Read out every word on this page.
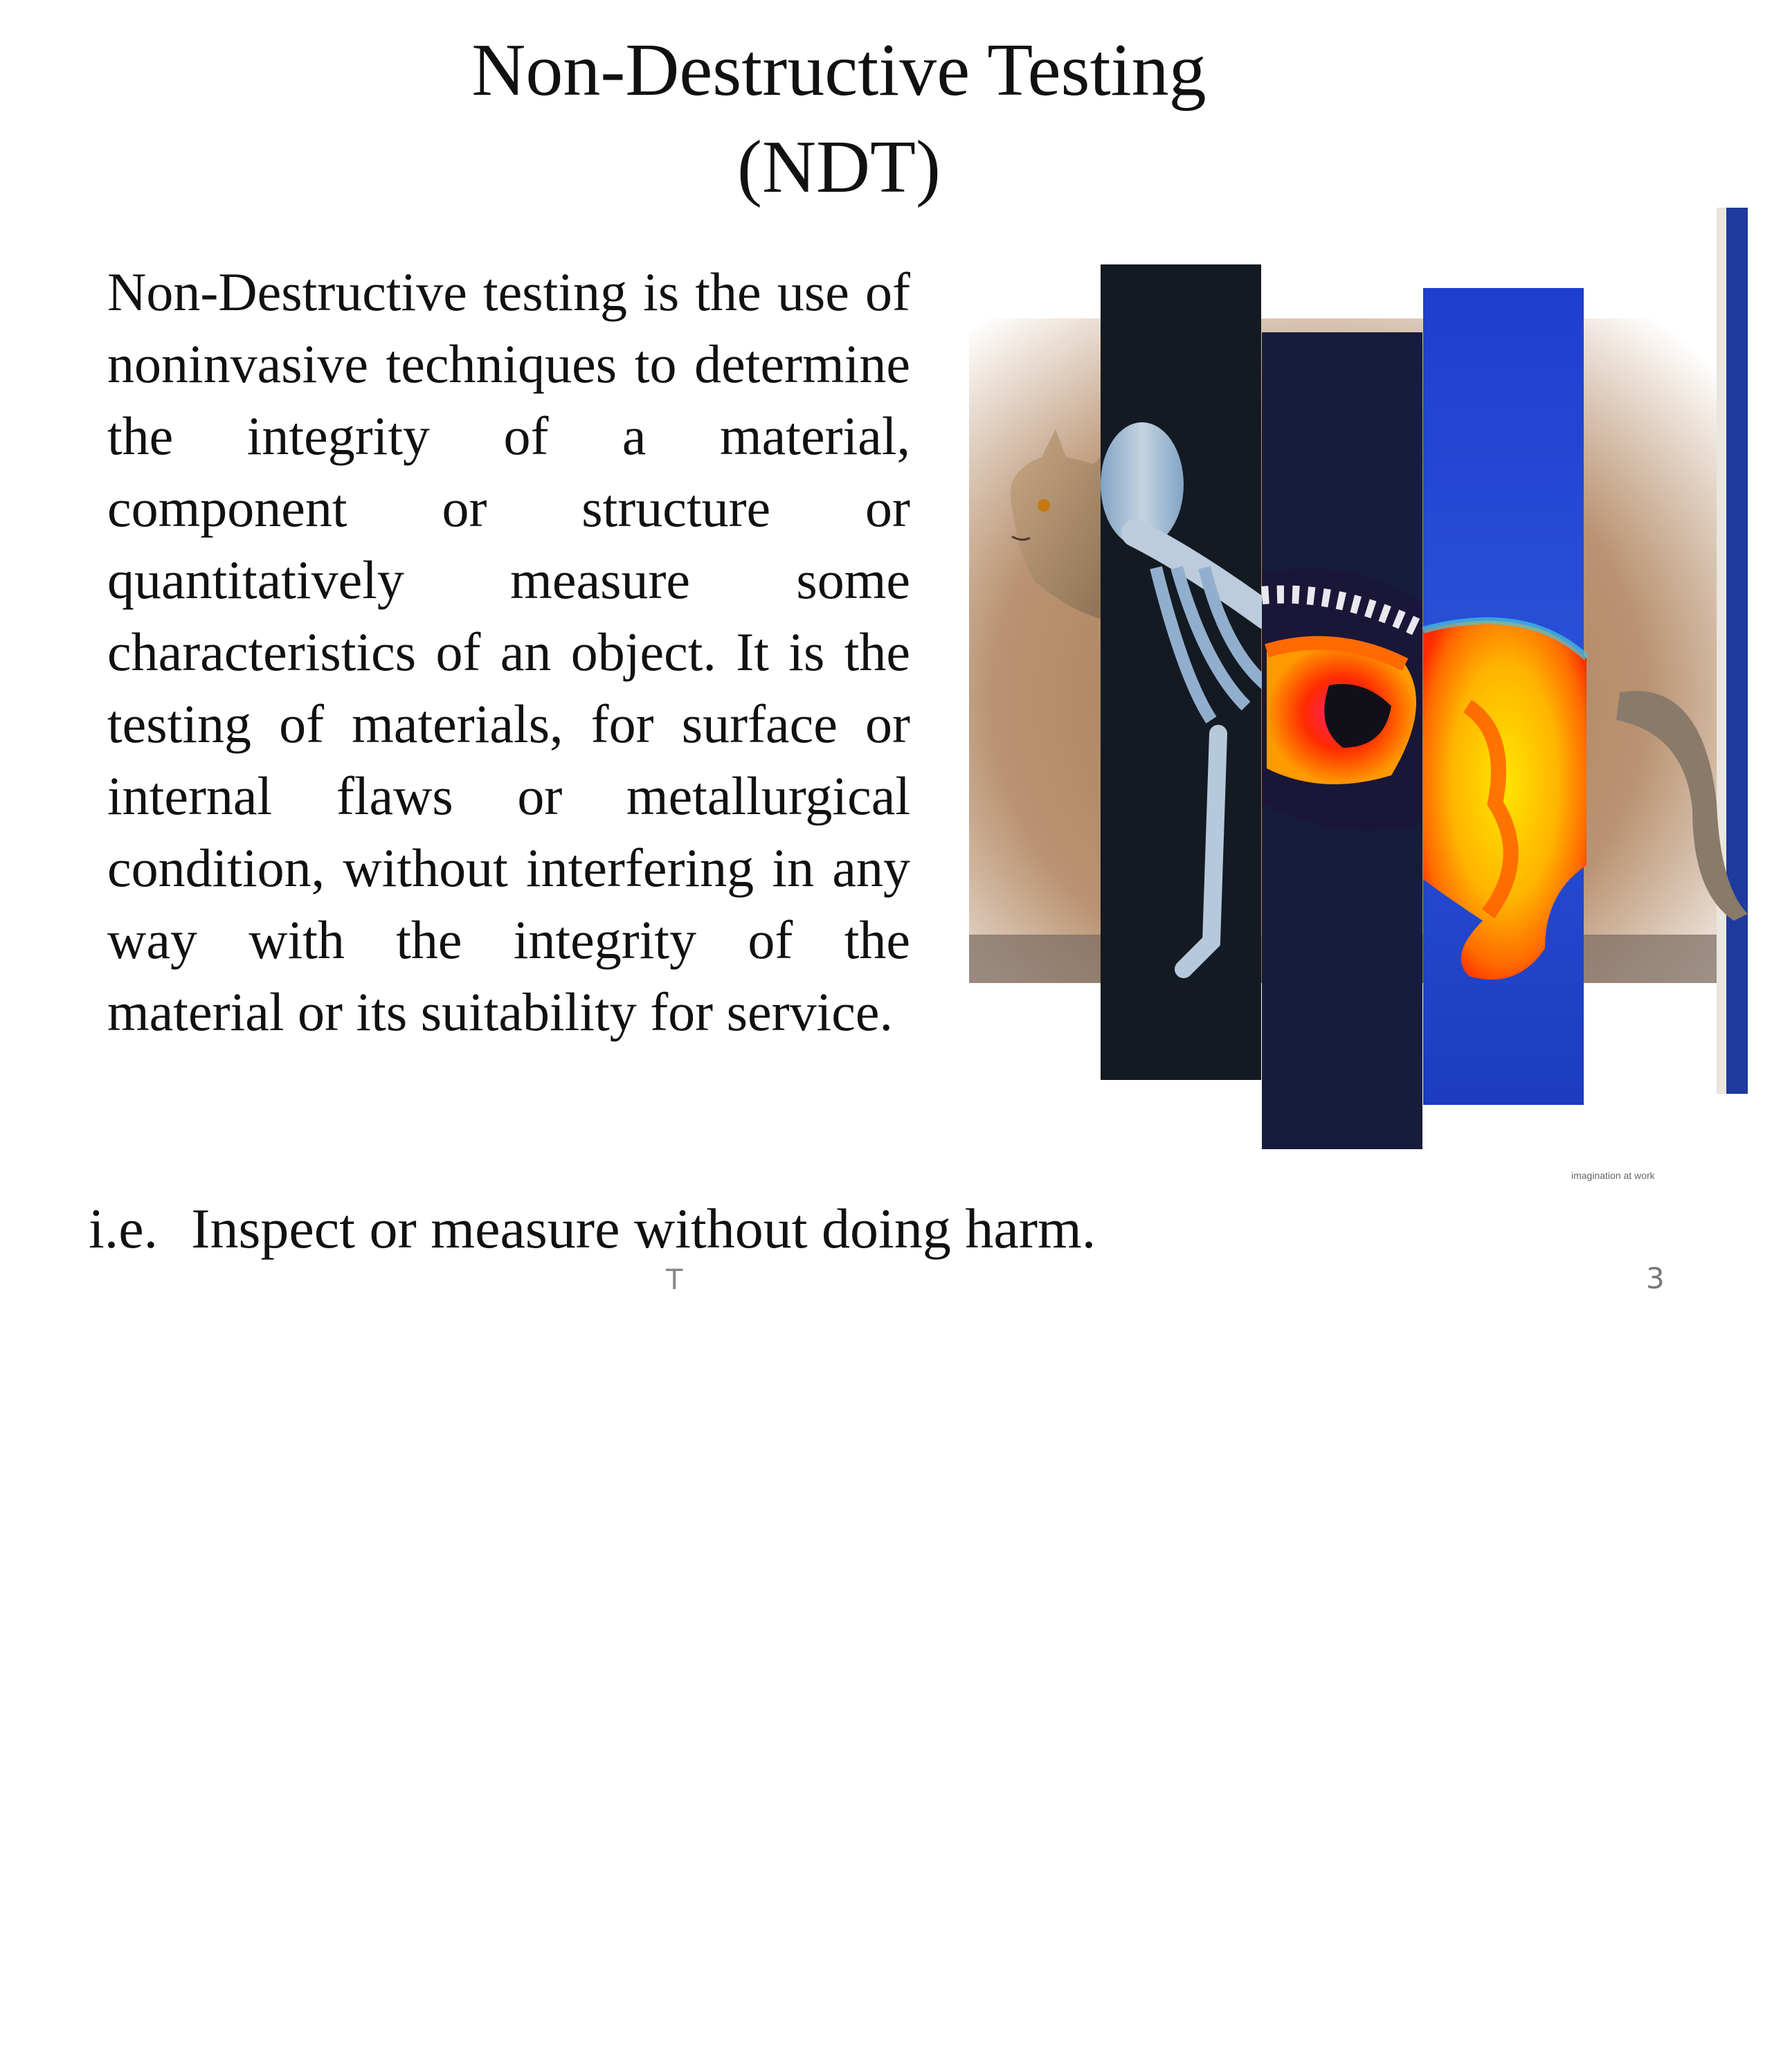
Non-Destructive Testing
(NDT)

Non-Destructive testing is the use of noninvasive techniques to determine the integrity of a material, component or structure or quantitatively measure some characteristics of an object. It is the testing of materials, for surface or internal flaws or metallurgical condition, without interfering in any way with the integrity of the material or its suitability for service.

imagination at work
i.e. Inspect or measure without doing harm.
T	3
